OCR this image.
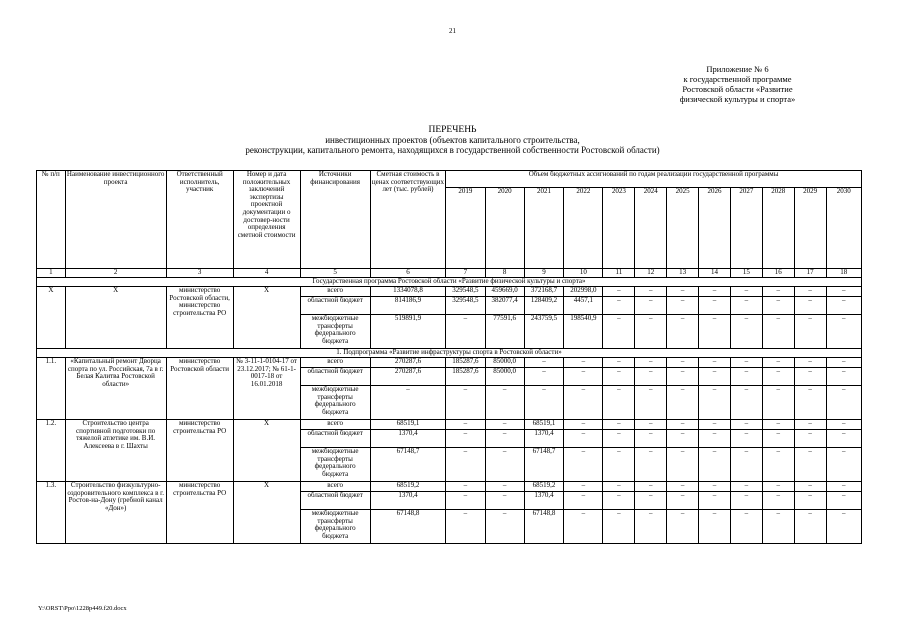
21
Приложение № 6
к государственной программе
Ростовской области «Развитие
физической культуры и спорта»
ПЕРЕЧЕНЬ
инвестиционных проектов (объектов капитального строительства,
реконструкции, капитального ремонта, находящихся в государственной собственности Ростовской области)
№ п/п	Наименование инвестиционного проекта	Ответственный исполнитель, участник	Номер и дата положительных заключений экспертизы проектной документации о достовер-ности определения сметной стоимости	Источники финансирования	Сметная стоимость в ценах соответствующих лет (тыс. рублей)	Объем бюджетных ассигнований по годам реализации государственной программы											
						2019	2020	2021	2022	2023	2024	2025	2026	2027	2028	2029	2030
1	2	3	4	5	6	7	8	9	10	11	12	13	14	15	16	17	18
Государственная программа Ростовской области «Развитие физической культуры и спорта»																	
Х	Х	министерство Ростовской области, министерство строительства РО	Х	всего	1334078,8	329548,5	459669,0	372168,7	202998,0	–	–	–	–	–	–	–	–
				областной бюджет	814186,9	329548,5	382077,4	128409,2	4457,1	–	–	–	–	–	–	–	–
				межбюджетные трансферты федерального бюджета	519891,9	–	77591,6	243759,5	198540,9	–	–	–	–	–	–	–	–
1. Подпрограмма «Развитие инфраструктуры спорта в Ростовской области»																	
1.1.	«Капитальный ремонт Дворца спорта по ул. Российская, 7а в г. Белая Калитва Ростовской области»	министерство Ростовской области	№ 3-11-1-0104-17 от 23.12.2017; № 61-1-0017-18 от 16.01.2018	всего	270287,6	185287,6	85000,0	–	–	–	–	–	–	–	–	–	–
				областной бюджет	270287,6	185287,6	85000,0	–	–	–	–	–	–	–	–	–	–
				межбюджетные трансферты федерального бюджета	–	–	–	–	–	–	–	–	–	–	–	–	–
1.2.	Строительство центра спортивной подготовки по тяжелой атлетике им. В.И. Алексеева в г. Шахты	министерство строительства РО	Х	всего	68519,1	–	–	68519,1	–	–	–	–	–	–	–	–	–
				областной бюджет	1370,4	–	–	1370,4	–	–	–	–	–	–	–	–	–
				межбюджетные трансферты федерального бюджета	67148,7	–	–	67148,7	–	–	–	–	–	–	–	–	–
1.3.	Строительство физкультурно-оздоровительного комплекса в г. Ростов-на-Дону (гребной канал «Дон»)	министерство строительства РО	Х	всего	68519,2	–	–	68519,2	–	–	–	–	–	–	–	–	–
				областной бюджет	1370,4	–	–	1370,4	–	–	–	–	–	–	–	–	–
				межбюджетные трансферты федерального бюджета	67148,8	–	–	67148,8	–	–	–	–	–	–	–	–	–
Y:\ORST\Ppo\1228p449.f20.docx
